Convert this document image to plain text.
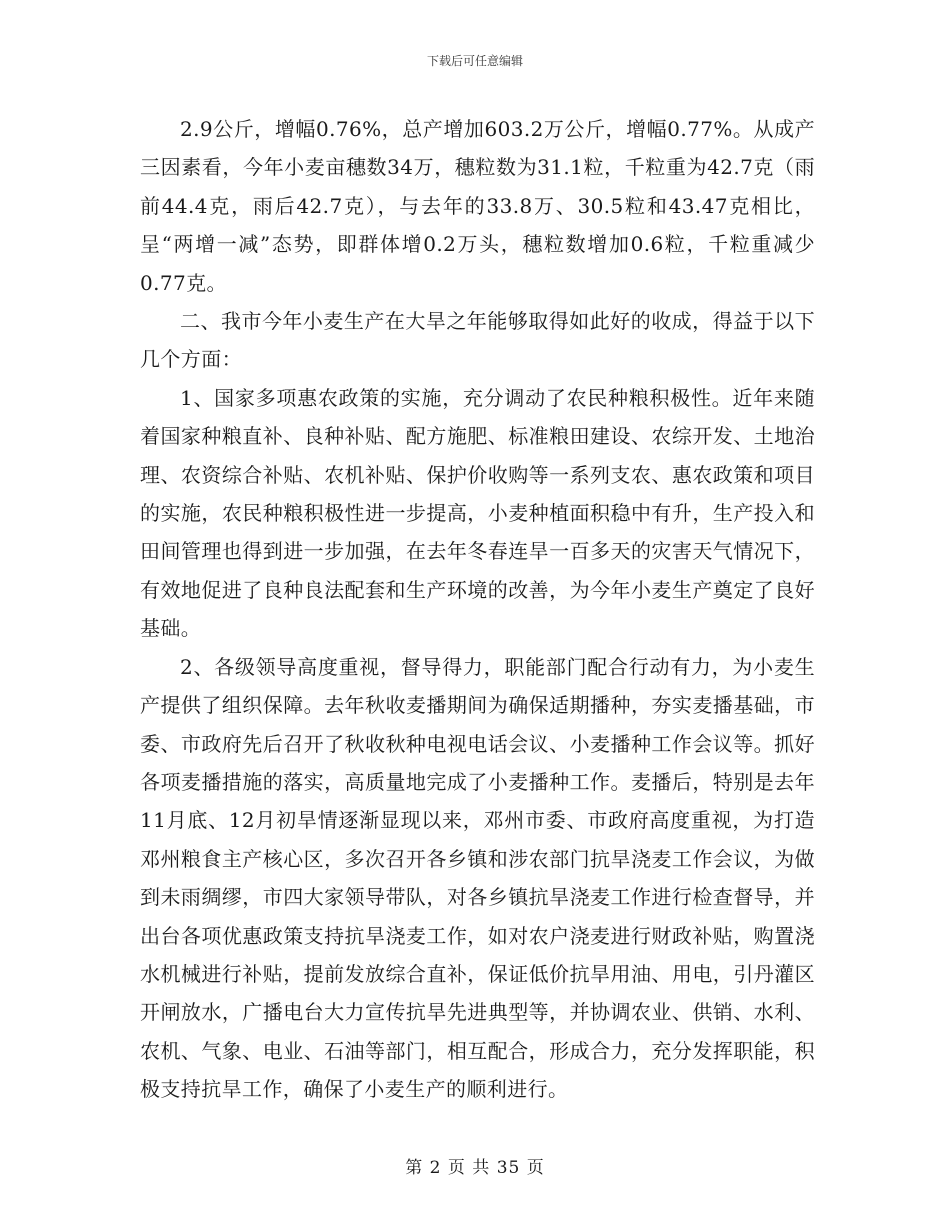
下载后可任意编辑

2.9公斤，增幅0.76%，总产增加603.2万公斤，增幅0.77%。从成产三因素看，今年小麦亩穗数34万，穗粒数为31.1粒，千粒重为42.7克（雨前44.4克，雨后42.7克），与去年的33.8万、30.5粒和43.47克相比，呈“两增一减”态势，即群体增0.2万头，穗粒数增加0.6粒，千粒重减少0.77克。

二、我市今年小麦生产在大旱之年能够取得如此好的收成，得益于以下几个方面：

1、国家多项惠农政策的实施，充分调动了农民种粮积极性。近年来随着国家种粮直补、良种补贴、配方施肥、标准粮田建设、农综开发、土地治理、农资综合补贴、农机补贴、保护价收购等一系列支农、惠农政策和项目的实施，农民种粮积极性进一步提高，小麦种植面积稳中有升，生产投入和田间管理也得到进一步加强，在去年冬春连旱一百多天的灾害天气情况下，有效地促进了良种良法配套和生产环境的改善，为今年小麦生产奠定了良好基础。

2、各级领导高度重视，督导得力，职能部门配合行动有力，为小麦生产提供了组织保障。去年秋收麦播期间为确保适期播种，夯实麦播基础，市委、市政府先后召开了秋收秋种电视电话会议、小麦播种工作会议等。抓好各项麦播措施的落实，高质量地完成了小麦播种工作。麦播后，特别是去年11月底、12月初旱情逐渐显现以来，邓州市委、市政府高度重视，为打造邓州粮食主产核心区，多次召开各乡镇和涉农部门抗旱浇麦工作会议，为做到未雨绸缪，市四大家领导带队，对各乡镇抗旱浇麦工作进行检查督导，并出台各项优惠政策支持抗旱浇麦工作，如对农户浇麦进行财政补贴，购置浇水机械进行补贴，提前发放综合直补，保证低价抗旱用油、用电，引丹灌区开闸放水，广播电台大力宣传抗旱先进典型等，并协调农业、供销、水利、农机、气象、电业、石油等部门，相互配合，形成合力，充分发挥职能，积极支持抗旱工作，确保了小麦生产的顺利进行。

第 2 页 共 35 页
